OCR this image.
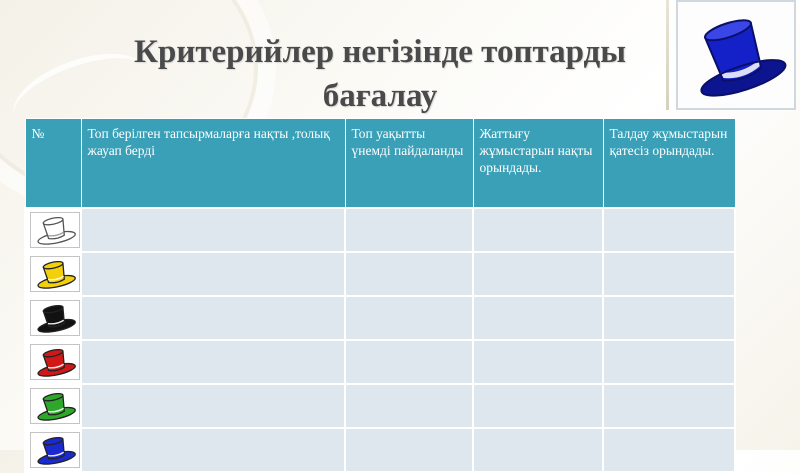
Критерийлер негізінде топтарды
бағалау
№	Топ берілген тапсырмаларға нақты ,толық жауап берді	Топ уақытты үнемді пайдаланды	Жаттығу жұмыстарын нақты орындады.	Талдау жұмыстарын қатесіз орындады.
